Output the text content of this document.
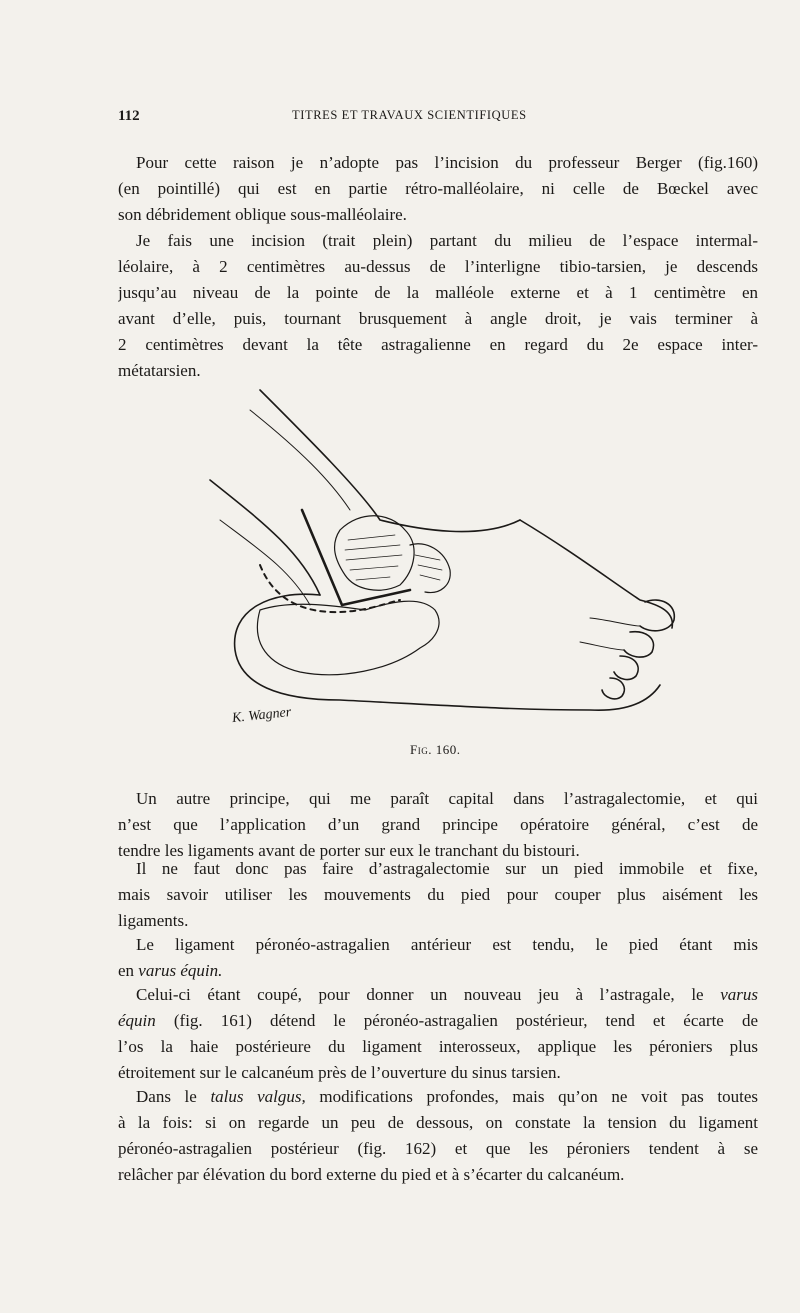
112	TITRES ET TRAVAUX SCIENTIFIQUES

Pour cette raison je n’adopte pas l’incision du professeur Berger (fig.160)
(en pointillé) qui est en partie rétro-malléolaire, ni celle de Bœckel avec
son débridement oblique sous-malléolaire.

Je fais une incision (trait plein) partant du milieu de l’espace intermal-
léolaire, à 2 centimètres au-dessus de l’interligne tibio-tarsien, je descends
jusqu’au niveau de la pointe de la malléole externe et à 1 centimètre en
avant d’elle, puis, tournant brusquement à angle droit, je vais terminer à
2 centimètres devant la tête astragalienne en regard du 2e espace inter-
métatarsien.

K. Wagner
Fig. 160.

Un autre principe, qui me paraît capital dans l’astragalectomie, et qui
n’est que l’application d’un grand principe opératoire général, c’est de
tendre les ligaments avant de porter sur eux le tranchant du bistouri.

Il ne faut donc pas faire d’astragalectomie sur un pied immobile et fixe,
mais savoir utiliser les mouvements du pied pour couper plus aisément les
ligaments.

Le ligament péronéo-astragalien antérieur est tendu, le pied étant mis
en varus équin.

Celui-ci étant coupé, pour donner un nouveau jeu à l’astragale, le varus
équin (fig. 161) détend le péronéo-astragalien postérieur, tend et écarte de
l’os la haie postérieure du ligament interosseux, applique les péroniers plus
étroitement sur le calcanéum près de l’ouverture du sinus tarsien.

Dans le talus valgus, modifications profondes, mais qu’on ne voit pas toutes
à la fois: si on regarde un peu de dessous, on constate la tension du ligament
péronéo-astragalien postérieur (fig. 162) et que les péroniers tendent à se
relâcher par élévation du bord externe du pied et à s’écarter du calcanéum.
